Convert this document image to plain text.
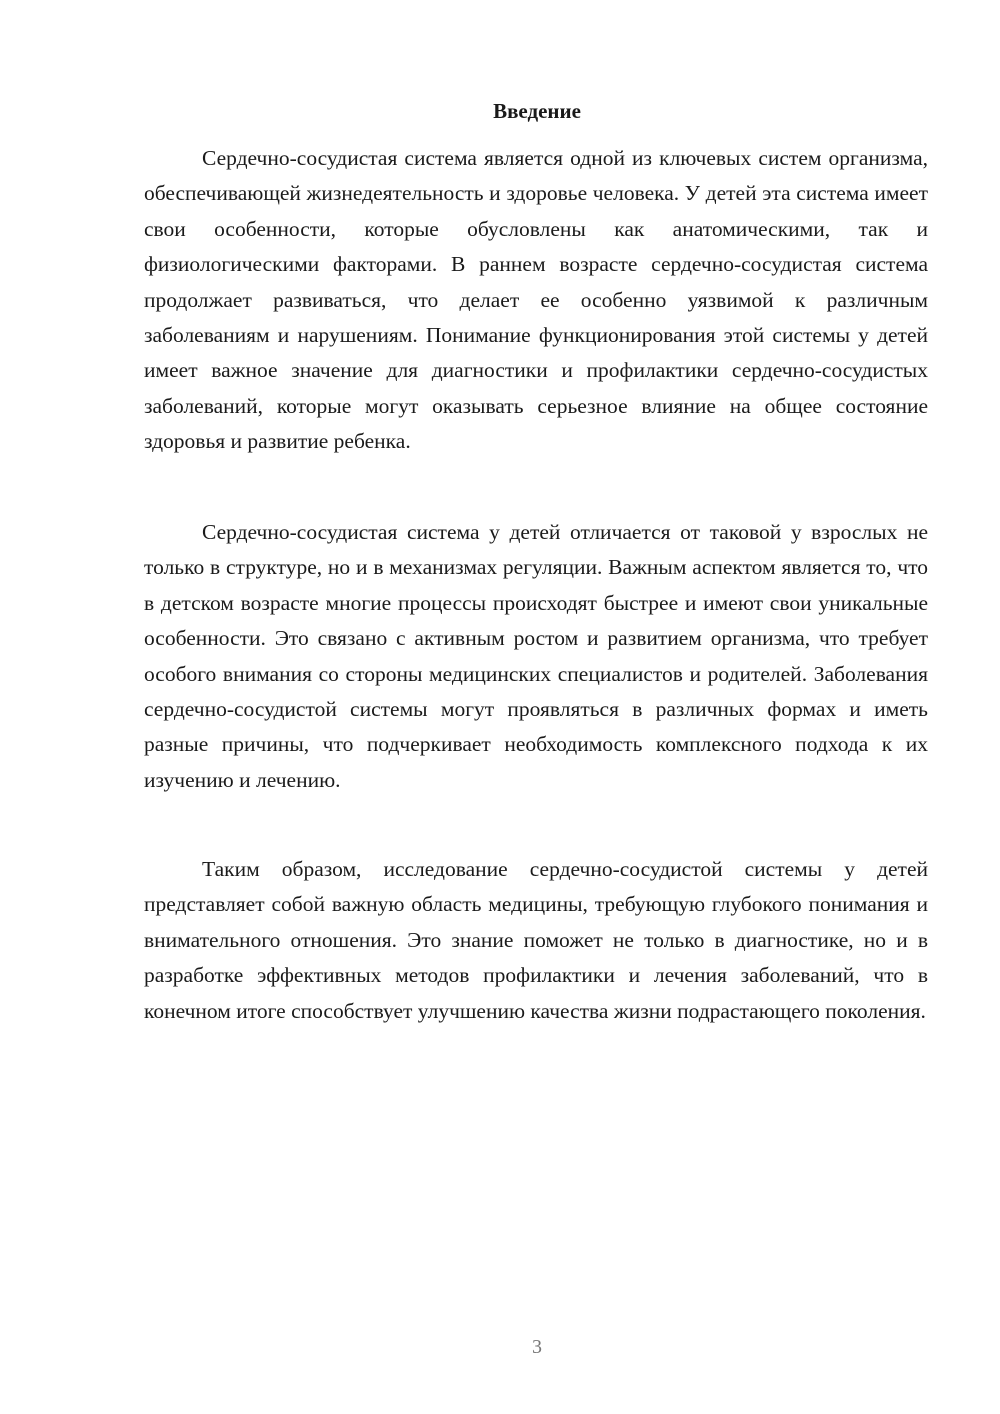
Введение

Сердечно-сосудистая система является одной из ключевых систем организма, обеспечивающей жизнедеятельность и здоровье человека. У детей эта система имеет свои особенности, которые обусловлены как анатомическими, так и физиологическими факторами. В раннем возрасте сердечно-сосудистая система продолжает развиваться, что делает ее особенно уязвимой к различным заболеваниям и нарушениям. Понимание функционирования этой системы у детей имеет важное значение для диагностики и профилактики сердечно-сосудистых заболеваний, которые могут оказывать серьезное влияние на общее состояние здоровья и развитие ребенка.

Сердечно-сосудистая система у детей отличается от таковой у взрослых не только в структуре, но и в механизмах регуляции. Важным аспектом является то, что в детском возрасте многие процессы происходят быстрее и имеют свои уникальные особенности. Это связано с активным ростом и развитием организма, что требует особого внимания со стороны медицинских специалистов и родителей. Заболевания сердечно-сосудистой системы могут проявляться в различных формах и иметь разные причины, что подчеркивает необходимость комплексного подхода к их изучению и лечению.

Таким образом, исследование сердечно-сосудистой системы у детей представляет собой важную область медицины, требующую глубокого понимания и внимательного отношения. Это знание поможет не только в диагностике, но и в разработке эффективных методов профилактики и лечения заболеваний, что в конечном итоге способствует улучшению качества жизни подрастающего поколения.

3
